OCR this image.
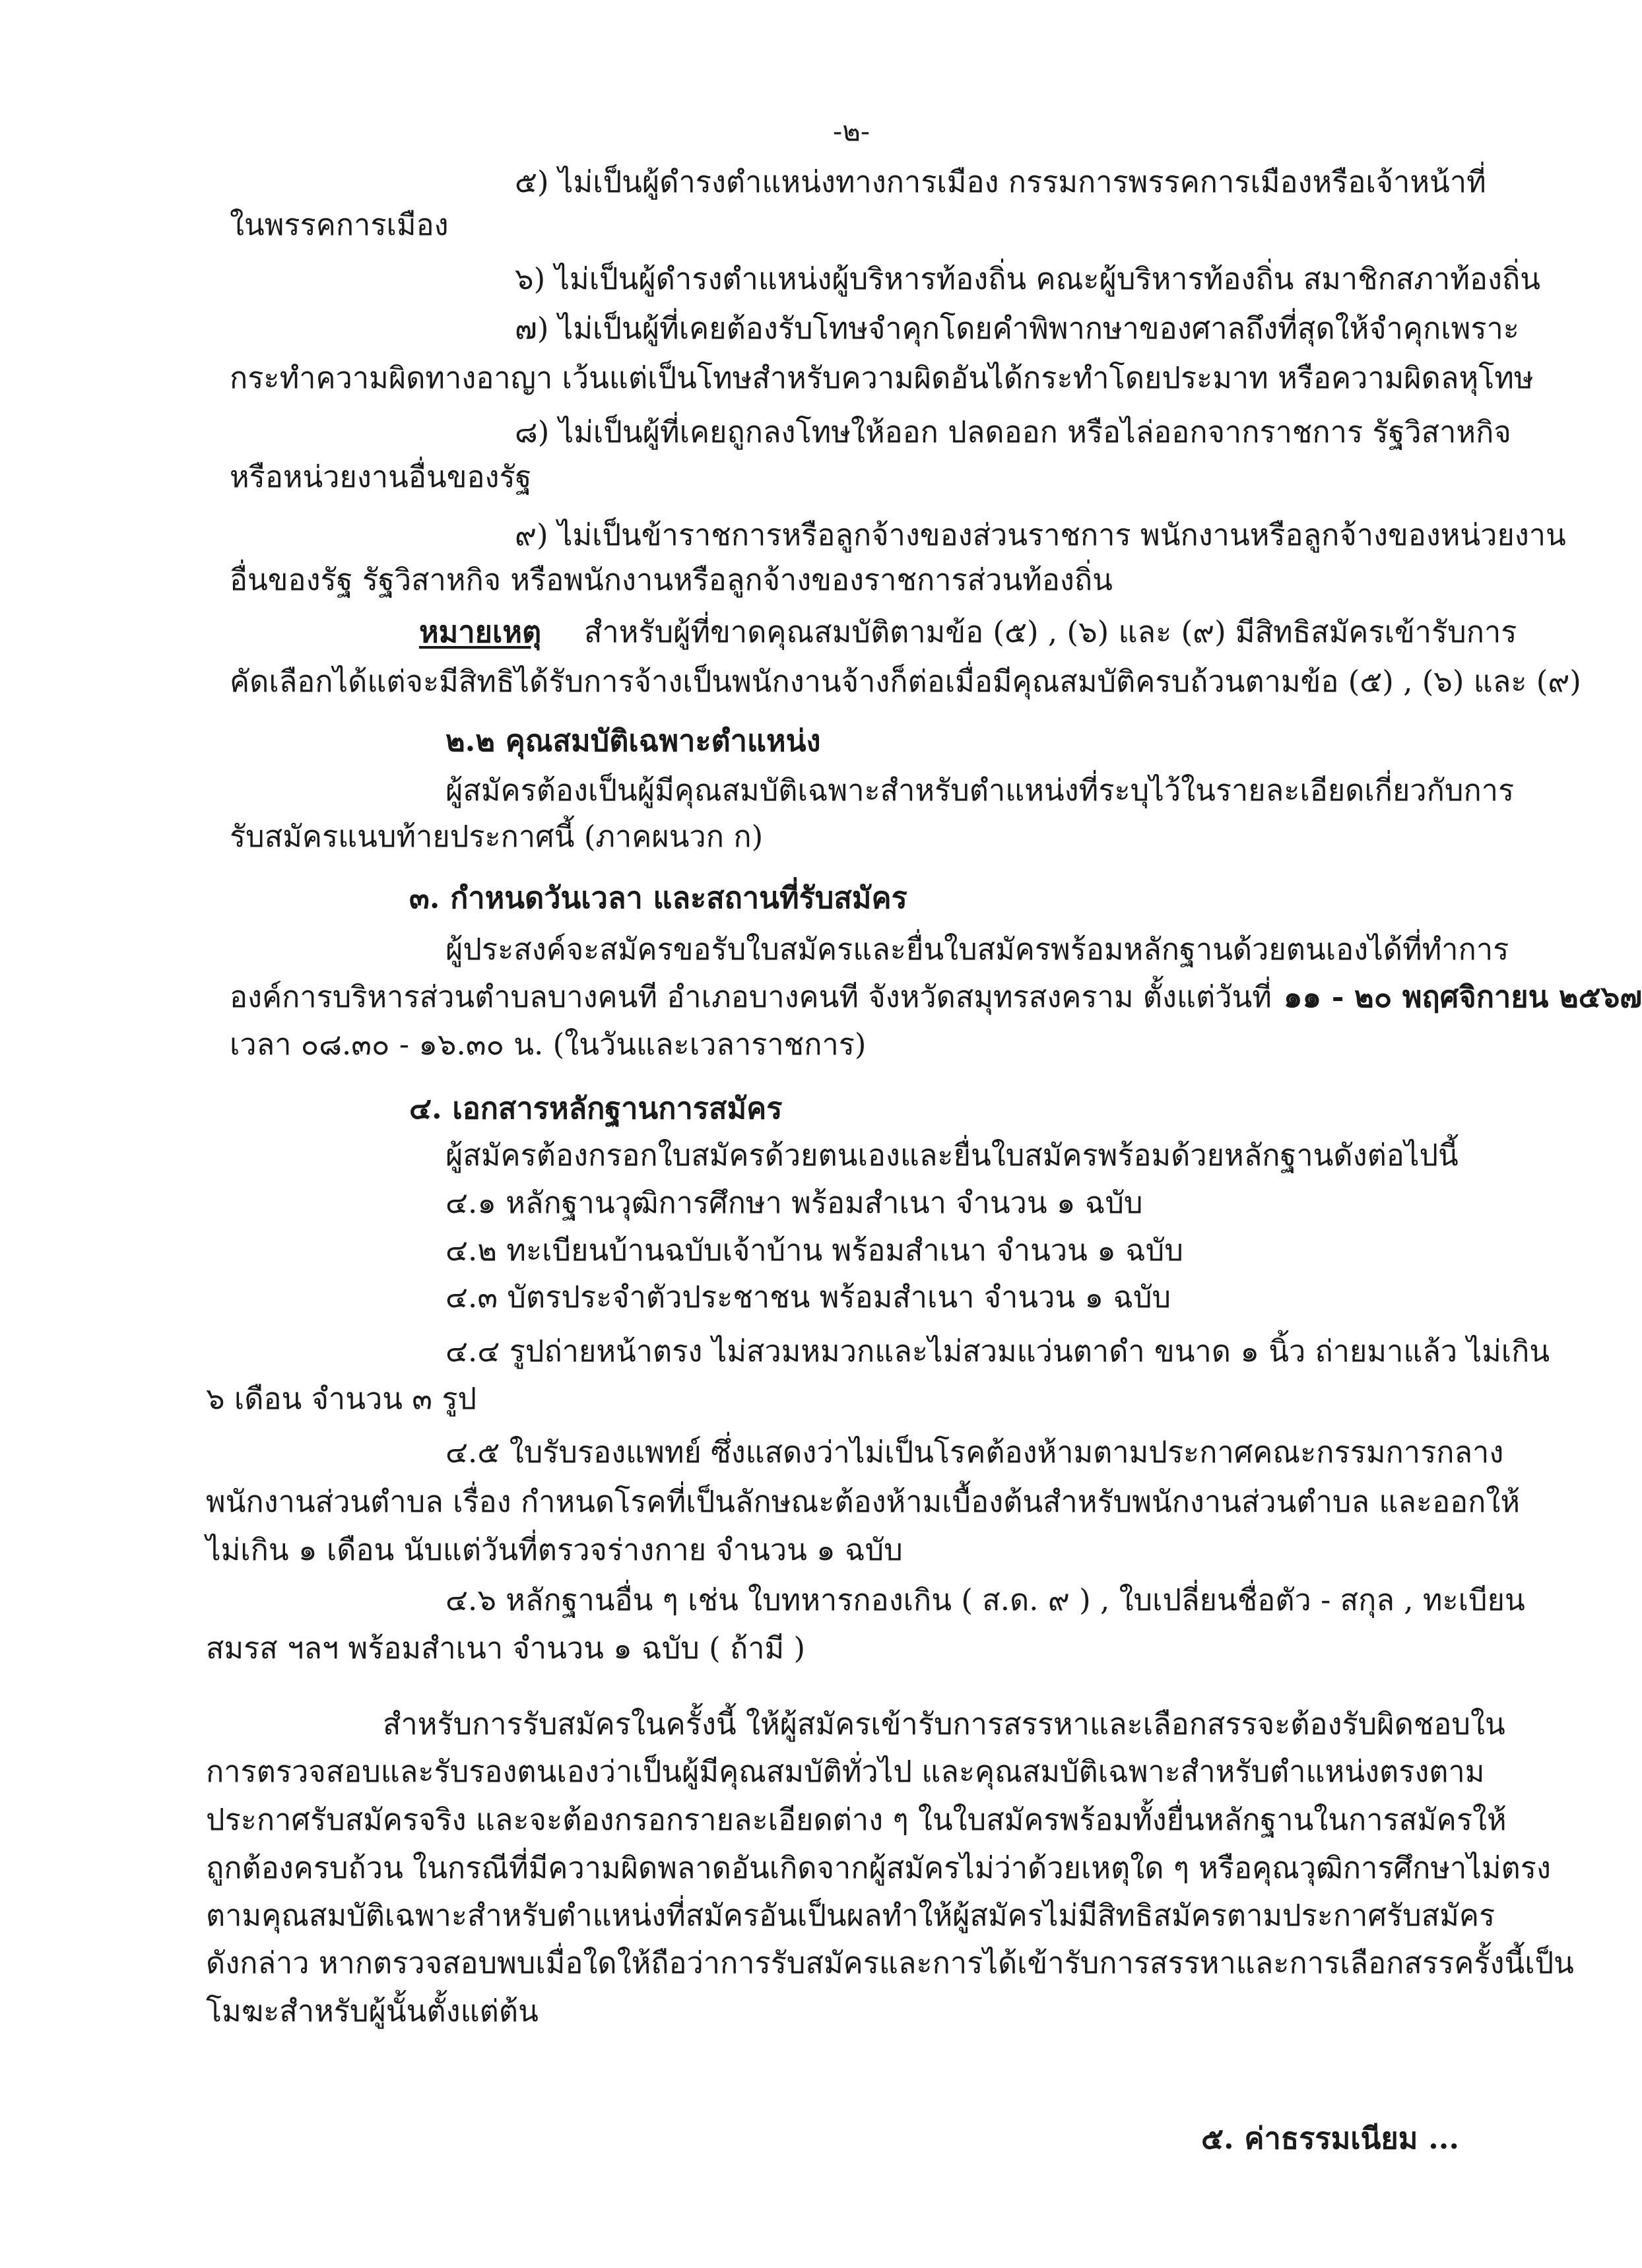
-๒-
๕) ไม่เป็นผู้ดำรงตำแหน่งทางการเมือง กรรมการพรรคการเมืองหรือเจ้าหน้าที่
ในพรรคการเมือง
๖) ไม่เป็นผู้ดำรงตำแหน่งผู้บริหารท้องถิ่น คณะผู้บริหารท้องถิ่น สมาชิกสภาท้องถิ่น
๗) ไม่เป็นผู้ที่เคยต้องรับโทษจำคุกโดยคำพิพากษาของศาลถึงที่สุดให้จำคุกเพราะ
กระทำความผิดทางอาญา เว้นแต่เป็นโทษสำหรับความผิดอันได้กระทำโดยประมาท หรือความผิดลหุโทษ
๘) ไม่เป็นผู้ที่เคยถูกลงโทษให้ออก ปลดออก หรือไล่ออกจากราชการ รัฐวิสาหกิจ
หรือหน่วยงานอื่นของรัฐ
๙) ไม่เป็นข้าราชการหรือลูกจ้างของส่วนราชการ พนักงานหรือลูกจ้างของหน่วยงาน
อื่นของรัฐ รัฐวิสาหกิจ หรือพนักงานหรือลูกจ้างของราชการส่วนท้องถิ่น
หมายเหตุ สำหรับผู้ที่ขาดคุณสมบัติตามข้อ (๕) , (๖) และ (๙) มีสิทธิสมัครเข้ารับการ
คัดเลือกได้แต่จะมีสิทธิได้รับการจ้างเป็นพนักงานจ้างก็ต่อเมื่อมีคุณสมบัติครบถ้วนตามข้อ (๕) , (๖) และ (๙)
๒.๒ คุณสมบัติเฉพาะตำแหน่ง
ผู้สมัครต้องเป็นผู้มีคุณสมบัติเฉพาะสำหรับตำแหน่งที่ระบุไว้ในรายละเอียดเกี่ยวกับการ
รับสมัครแนบท้ายประกาศนี้ (ภาคผนวก ก)
๓. กำหนดวันเวลา และสถานที่รับสมัคร
ผู้ประสงค์จะสมัครขอรับใบสมัครและยื่นใบสมัครพร้อมหลักฐานด้วยตนเองได้ที่ทำการ
องค์การบริหารส่วนตำบลบางคนที อำเภอบางคนที จังหวัดสมุทรสงคราม ตั้งแต่วันที่ ๑๑ - ๒๐ พฤศจิกายน ๒๕๖๗
เวลา ๐๘.๓๐ - ๑๖.๓๐ น. (ในวันและเวลาราชการ)
๔. เอกสารหลักฐานการสมัคร
ผู้สมัครต้องกรอกใบสมัครด้วยตนเองและยื่นใบสมัครพร้อมด้วยหลักฐานดังต่อไปนี้
๔.๑ หลักฐานวุฒิการศึกษา พร้อมสำเนา จำนวน ๑ ฉบับ
๔.๒ ทะเบียนบ้านฉบับเจ้าบ้าน พร้อมสำเนา จำนวน ๑ ฉบับ
๔.๓ บัตรประจำตัวประชาชน พร้อมสำเนา จำนวน ๑ ฉบับ
๔.๔ รูปถ่ายหน้าตรง ไม่สวมหมวกและไม่สวมแว่นตาดำ ขนาด ๑ นิ้ว ถ่ายมาแล้ว ไม่เกิน
๖ เดือน จำนวน ๓ รูป
๔.๕ ใบรับรองแพทย์ ซึ่งแสดงว่าไม่เป็นโรคต้องห้ามตามประกาศคณะกรรมการกลาง
พนักงานส่วนตำบล เรื่อง กำหนดโรคที่เป็นลักษณะต้องห้ามเบื้องต้นสำหรับพนักงานส่วนตำบล และออกให้
ไม่เกิน ๑ เดือน นับแต่วันที่ตรวจร่างกาย จำนวน ๑ ฉบับ
๔.๖ หลักฐานอื่น ๆ เช่น ใบทหารกองเกิน ( ส.ด. ๙ ) , ใบเปลี่ยนชื่อตัว - สกุล , ทะเบียน
สมรส ฯลฯ พร้อมสำเนา จำนวน ๑ ฉบับ ( ถ้ามี )
สำหรับการรับสมัครในครั้งนี้ ให้ผู้สมัครเข้ารับการสรรหาและเลือกสรรจะต้องรับผิดชอบใน
การตรวจสอบและรับรองตนเองว่าเป็นผู้มีคุณสมบัติทั่วไป และคุณสมบัติเฉพาะสำหรับตำแหน่งตรงตาม
ประกาศรับสมัครจริง และจะต้องกรอกรายละเอียดต่าง ๆ ในใบสมัครพร้อมทั้งยื่นหลักฐานในการสมัครให้
ถูกต้องครบถ้วน ในกรณีที่มีความผิดพลาดอันเกิดจากผู้สมัครไม่ว่าด้วยเหตุใด ๆ หรือคุณวุฒิการศึกษาไม่ตรง
ตามคุณสมบัติเฉพาะสำหรับตำแหน่งที่สมัครอันเป็นผลทำให้ผู้สมัครไม่มีสิทธิสมัครตามประกาศรับสมัคร
ดังกล่าว หากตรวจสอบพบเมื่อใดให้ถือว่าการรับสมัครและการได้เข้ารับการสรรหาและการเลือกสรรครั้งนี้เป็น
โมฆะสำหรับผู้นั้นตั้งแต่ต้น
๕. ค่าธรรมเนียม ...
